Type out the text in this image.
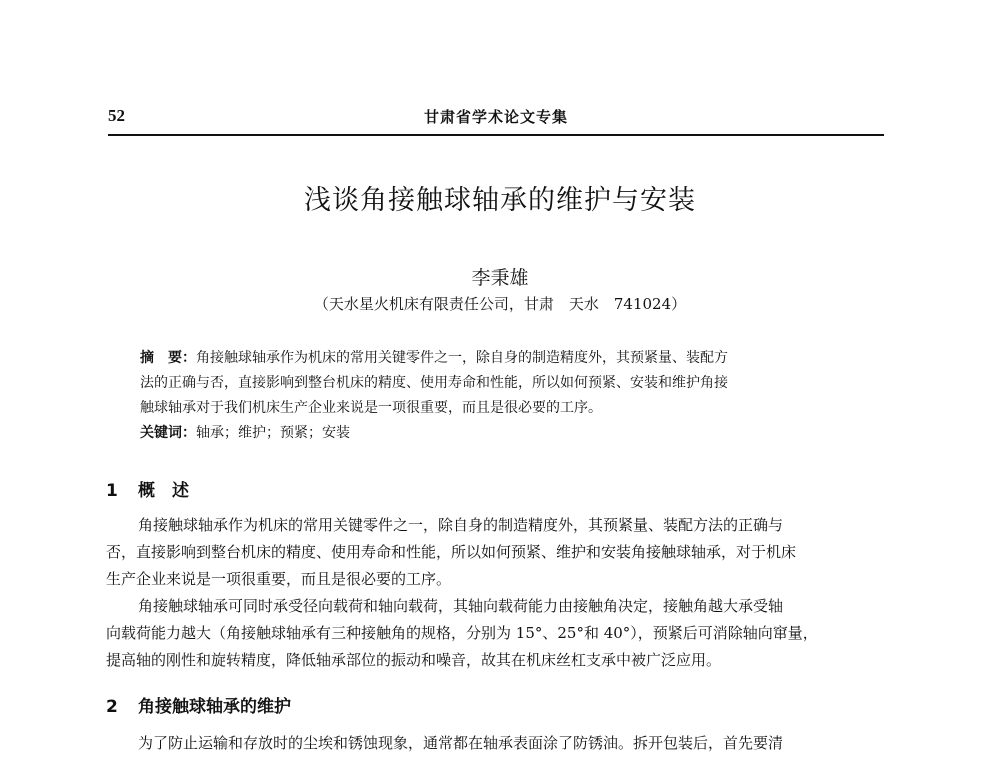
52	甘肃省学术论文专集
浅谈角接触球轴承的维护与安装
李秉雄
（天水星火机床有限责任公司，甘肃　天水　741024）

摘　要：角接触球轴承作为机床的常用关键零件之一，除自身的制造精度外，其预紧量、装配方
法的正确与否，直接影响到整台机床的精度、使用寿命和性能，所以如何预紧、安装和维护角接
触球轴承对于我们机床生产企业来说是一项很重要，而且是很必要的工序。

关键词：轴承；维护；预紧；安装

1 概　述

角接触球轴承作为机床的常用关键零件之一，除自身的制造精度外，其预紧量、装配方法的正确与
否，直接影响到整台机床的精度、使用寿命和性能，所以如何预紧、维护和安装角接触球轴承，对于机床
生产企业来说是一项很重要，而且是很必要的工序。

角接触球轴承可同时承受径向载荷和轴向载荷，其轴向载荷能力由接触角决定，接触角越大承受轴
向载荷能力越大（角接触球轴承有三种接触角的规格，分别为 15°、25°和 40°），预紧后可消除轴向窜量，
提高轴的刚性和旋转精度，降低轴承部位的振动和噪音，故其在机床丝杠支承中被广泛应用。

2 角接触球轴承的维护

为了防止运输和存放时的尘埃和锈蚀现象，通常都在轴承表面涂了防锈油。拆开包装后，首先要清
